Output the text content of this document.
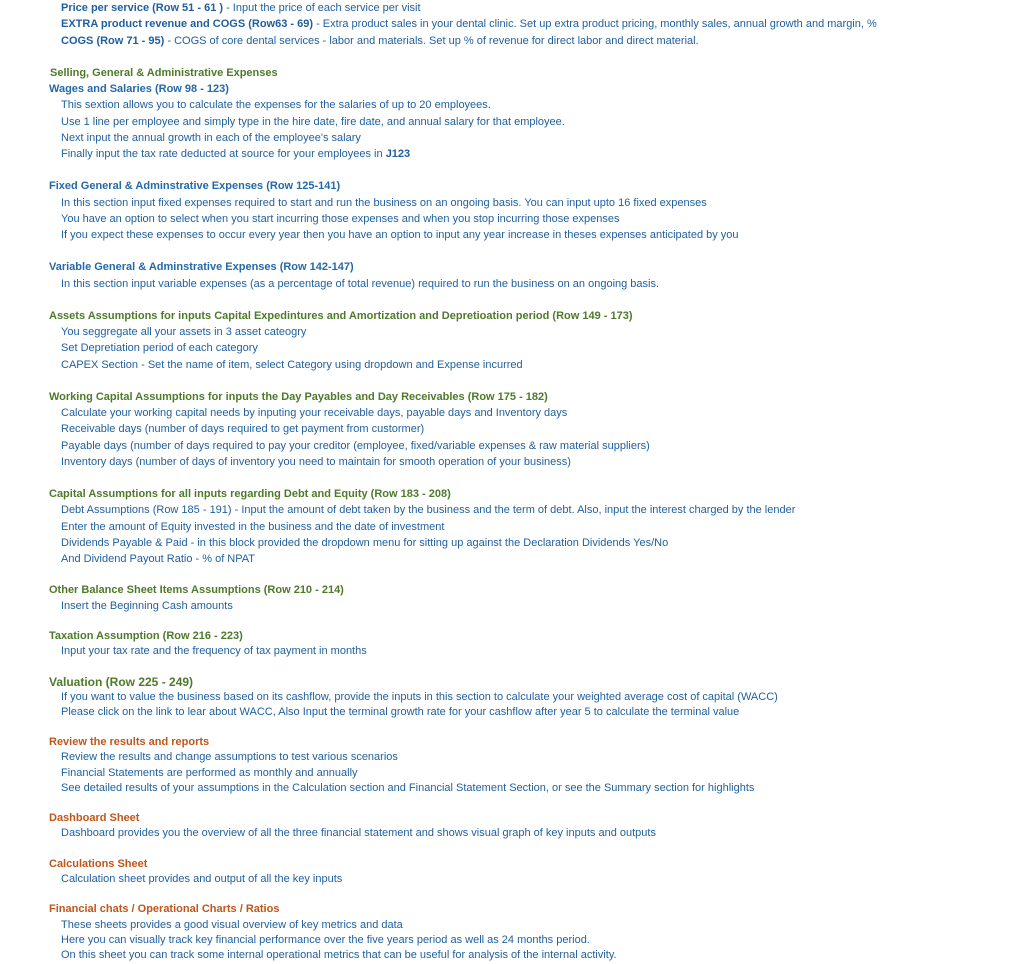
Price per service (Row 51 - 61 ) - Input the price of each service per visit
EXTRA product revenue and COGS (Row63 - 69) - Extra product sales in your dental clinic. Set up extra product pricing, monthly sales, annual growth and margin, %
COGS (Row 71 - 95) - COGS of core dental services - labor and materials. Set up % of revenue for direct labor and direct material.
Selling, General & Administrative Expenses
Wages and Salaries (Row 98 - 123)
This sextion allows you to calculate the expenses for the salaries of up to 20 employees.
Use 1 line per employee and simply type in the hire date, fire date, and annual salary for that employee.
Next input the annual growth in each of the employee's salary
Finally input the tax rate deducted at source for your employees in J123
Fixed General & Adminstrative Expenses (Row 125-141)
In this section input fixed expenses required to start and run the business on an ongoing basis. You can input upto 16 fixed expenses
You have an option to select when you start incurring those expenses and when you stop incurring those expenses
If you expect these expenses to occur every year then you have an option to input any year increase in theses expenses anticipated by you
Variable General & Adminstrative Expenses (Row 142-147)
In this section input variable expenses (as a percentage of total revenue) required to run the business on an ongoing basis.
Assets Assumptions for inputs Capital Expedintures and Amortization and Depretioation period (Row 149 - 173)
You seggregate all your assets in 3 asset cateogry
Set Depretiation period of each category
CAPEX Section - Set the name of item, select Category using dropdown and Expense incurred
Working Capital Assumptions for inputs the Day Payables and Day Receivables (Row 175 - 182)
Calculate your working capital needs by inputing your receivable days, payable days and Inventory days
Receivable days (number of days required to get payment from custormer)
Payable days (number of days required to pay your creditor (employee, fixed/variable expenses & raw material suppliers)
Inventory days (number of days of inventory you need to maintain for smooth operation of your business)
Capital Assumptions for all inputs regarding Debt and Equity (Row 183 - 208)
Debt Assumptions (Row 185 - 191) - Input the amount of debt taken by the business and the term of debt. Also, input the interest charged by the lender
Enter the amount of Equity invested in the business and the date of investment
Dividends Payable & Paid - in this block provided the dropdown menu for sitting up against the Declaration Dividends Yes/No
And Dividend Payout Ratio - % of NPAT
Other Balance Sheet Items Assumptions (Row 210 - 214)
Insert the Beginning Cash amounts
Taxation Assumption (Row 216 - 223)
Input your tax rate and the frequency of tax payment in months
Valuation (Row 225 - 249)
If you want to value the business based on its cashflow, provide the inputs in this section to calculate your weighted average cost of capital (WACC)
Please click on the link to lear about WACC, Also Input the terminal growth rate for your cashflow after year 5 to calculate the terminal value
Review the results and reports
Review the results and change assumptions to test various scenarios
Financial Statements are performed as monthly and annually
See detailed results of your assumptions in the Calculation section and Financial Statement Section, or see the Summary section for highlights
Dashboard Sheet
Dashboard provides you the overview of all the three financial statement and shows visual graph of key inputs and outputs
Calculations Sheet
Calculation sheet provides and output of all the key inputs
Financial chats / Operational Charts / Ratios
These sheets provides a good visual overview of key metrics and data
Here you can visually track key financial performance over the five years period as well as 24 months period.
On this sheet you can track some internal operational metrics that can be useful for analysis of the internal activity.
